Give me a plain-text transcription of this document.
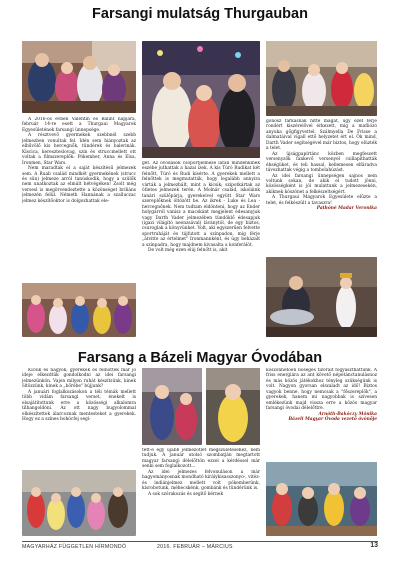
Farsangi mulatság Thurgauban

A 2016-os évben Valentin és Bálint napjára, február 14-re esett a Thurgaui Magyarok Egyesületének farsangi ünnepsége.

A résztvevő gyermekek szebbnél szebb jelmezben vonultak fel. Idén sem hiányoztak az elbűvölő kis hercegnők, tündérek és balerinák. Kiscica, kereszteslovag, szín és struccmellett ott voltak a filmszereplők: Pókember, Anna és Elsa, Ironmen, Star Wars.

Nem maradtak el a saját készítésű jelmezek sem. A Ruab család mindkét gyermekének (strucc és sün) jelmeze arról tanúskodik, hogy a szülők nem unatkoztak az elmúlt hétvégéken! Zsolt még versesl is megörvendeztette a közönséget briliáns jelmezén felül. Németh Hannának a szalluczac jelmez készítőoktor is dolgozhattak ele-

get. Az óvodások csoportjelmeze látán mindenkinek eszébe juthattak a hazai ízek. A kis Túró Rudikat két felnőtt, Túró és Rudi kísérte. A gyerekek mellett a felnőttek is megmutatták, hogy legalább annyira várták a jelmezbált, mint a kicsik; szipotkártak az ötletes jelmezek terén. A Molnár család, iskoláink tanári szülőpárja, gyerekeivel együtt Star Wars szereplőknek öltözött be. Az ikrek - Luke és Lea - hercegnőnek. Nem tudtam eldönteni, hogy az Ender holygárról vanisz a macskánt megjelent édesanyjuk vagy Darth Vader jelmezében tündöklő édesapjuk (igazi világító neonzsával) láványtól, de egy biztos, csuroglak a könyvünket. Volt, aki egyszerűen felvette sportruháját és tájfutott a színpadon, míg férje „átvitte az értelmet" Ironmannként, és úgy beházalt a színpadra, hogy majdnem kivasalta a konferálót.

De volt még ezen elúj felnőtt is, akit

gonosz farkasnak hitte magát, ügy ézet férje rondért kiszérelővel érkezett, míg a mafliózó anyuka gőgfigyvettel. Szálmyella De Frisse a dalmatáival vígall ettő helyzetet ért el. Ők mind, Darth Vader segítségével már biztos, hogy elüzték a telet.

Az újságpapírtánc közben megfeszett versenyzők fánkevő versenyel csillapíthatták éhségüket, és teli hassal, kellemesen elfáradva távozhattak végig a tombolahúzást.

Az idei farsangi ünnepségen sajnos nem voltunk sokan, de akik el tudott jönni, közösségként is jól mulattunk a jelmezesekén, akiknek köszönet a felkészeltségért.

A Thurgaui Magyarok Egyesülete elűzte a telet, és felkészült a tavaszra!

Pathóné Madar Veronika

Farsang a Bázeli Magyar Óvodában

Kicsik és nagyok, gyerekek és felnőttek már jó ideje elkezdtük gondolkodni az idei farsangi jelmezünkön. Vajon milyen ruhát készítsünk, kinek öltözzünk, kinek a „bőrébe" bújjunk?

A januári foglalkozásokon a téli témák mellett több vidám farsangi verset, énekelt is elsajátítottunk erre a közösségi alkalomra tilhangoldóni. Az ott nagy bugyolommal elkészítettek álarcoznak mentesteket a gyerekek. Hogy ez a színes bohócfej segí-

tett-e egy újabb jelmezötlet megszületéséhez, nem tudjuk. A január utolsó szombatján megtartott magyar farsangi délelőttön ezzel a kérdéssel már senki sem foglalkozott...

Az idei jelmezes felvonuláson a már hagyományosnak mondható királykisasszonyo-, vitéz- és indiánjelmez mellett volt pókemberünk, kisrobotunk, méhecskénk, gombánk és tündérünk is.

A sok szórakozás és segítő kérnek

köszönhetően bőséges tízórait fogyaszthattunk. A friss energiára az ant követő népétánctanulásnoz és más közös játékokhoz tényleg szükségünk is volt. Nagyon gyorsan elszaladt az idő! Biztos vagyok benne, hogy nemcsak a "főszereplők", a gyerekek, hanem mi nagyobbak is szívesen emlékezünk majd vissza erre a közös magyar farsangi óvodai délelőttre.

Arnóth-Bakóczy Mónika

Bázeli Magyar Óvoda vezető óvónője

MAGYARHÁZ FÜGGETLEN HÍRMONDÓ	2016. FEBRUÁR – MÁRCIUS	13
